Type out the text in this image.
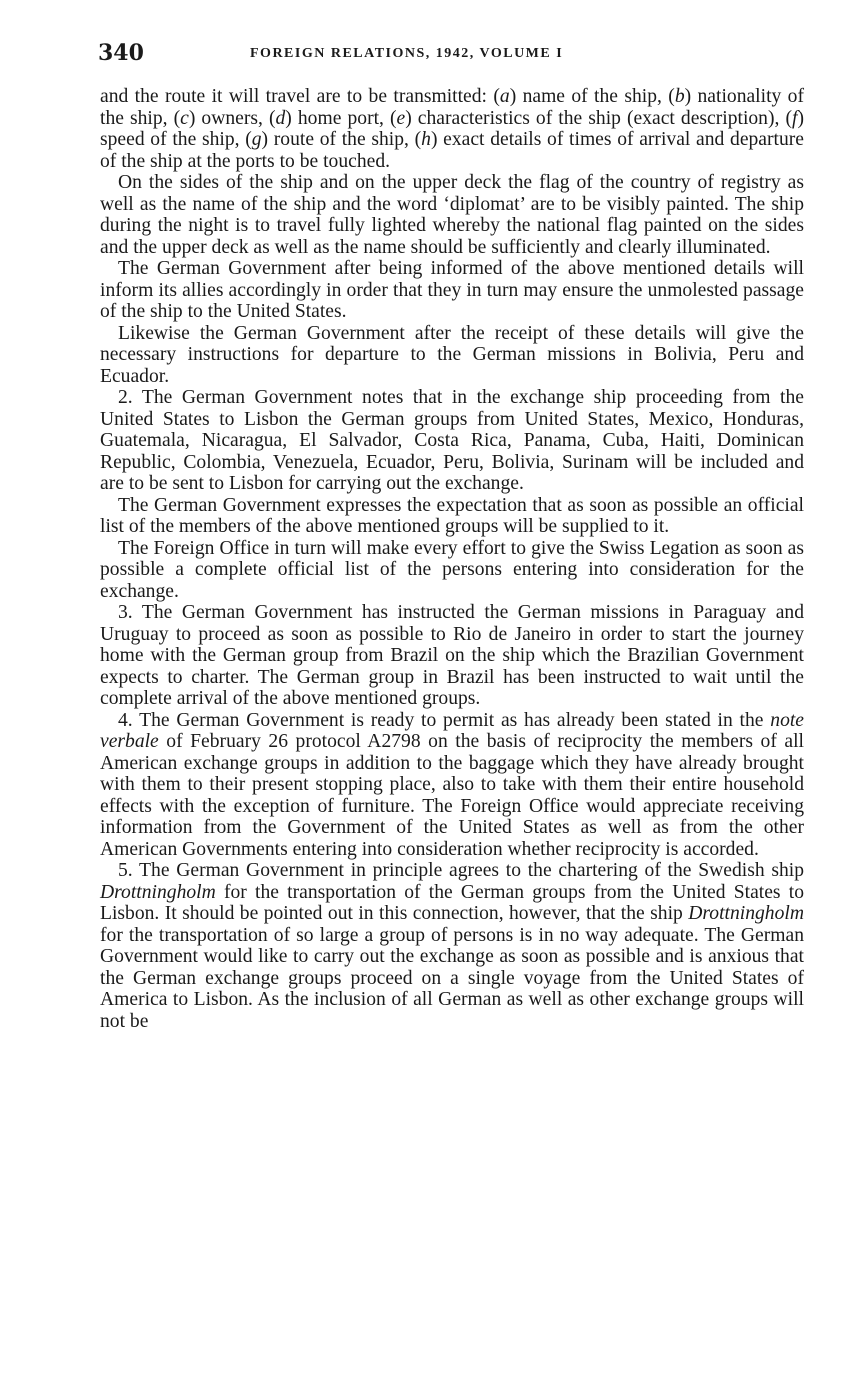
340	FOREIGN RELATIONS, 1942, VOLUME I

and the route it will travel are to be transmitted: (a) name of the ship, (b) nationality of the ship, (c) owners, (d) home port, (e) characteristics of the ship (exact description), (f) speed of the ship, (g) route of the ship, (h) exact details of times of arrival and departure of the ship at the ports to be touched.

On the sides of the ship and on the upper deck the flag of the country of registry as well as the name of the ship and the word ‘diplomat’ are to be visibly painted. The ship during the night is to travel fully lighted whereby the national flag painted on the sides and the upper deck as well as the name should be sufficiently and clearly illuminated.

The German Government after being informed of the above mentioned details will inform its allies accordingly in order that they in turn may ensure the unmolested passage of the ship to the United States.

Likewise the German Government after the receipt of these details will give the necessary instructions for departure to the German missions in Bolivia, Peru and Ecuador.

2. The German Government notes that in the exchange ship proceeding from the United States to Lisbon the German groups from United States, Mexico, Honduras, Guatemala, Nicaragua, El Salvador, Costa Rica, Panama, Cuba, Haiti, Dominican Republic, Colombia, Venezuela, Ecuador, Peru, Bolivia, Surinam will be included and are to be sent to Lisbon for carrying out the exchange.

The German Government expresses the expectation that as soon as possible an official list of the members of the above mentioned groups will be supplied to it.

The Foreign Office in turn will make every effort to give the Swiss Legation as soon as possible a complete official list of the persons entering into consideration for the exchange.

3. The German Government has instructed the German missions in Paraguay and Uruguay to proceed as soon as possible to Rio de Janeiro in order to start the journey home with the German group from Brazil on the ship which the Brazilian Government expects to charter. The German group in Brazil has been instructed to wait until the complete arrival of the above mentioned groups.

4. The German Government is ready to permit as has already been stated in the note verbale of February 26 protocol A2798 on the basis of reciprocity the members of all American exchange groups in addition to the baggage which they have already brought with them to their present stopping place, also to take with them their entire household effects with the exception of furniture. The Foreign Office would appreciate receiving information from the Government of the United States as well as from the other American Governments entering into consideration whether reciprocity is accorded.

5. The German Government in principle agrees to the chartering of the Swedish ship Drottningholm for the transportation of the German groups from the United States to Lisbon. It should be pointed out in this connection, however, that the ship Drottningholm for the transportation of so large a group of persons is in no way adequate. The German Government would like to carry out the exchange as soon as possible and is anxious that the German exchange groups proceed on a single voyage from the United States of America to Lisbon. As the inclusion of all German as well as other exchange groups will not be
